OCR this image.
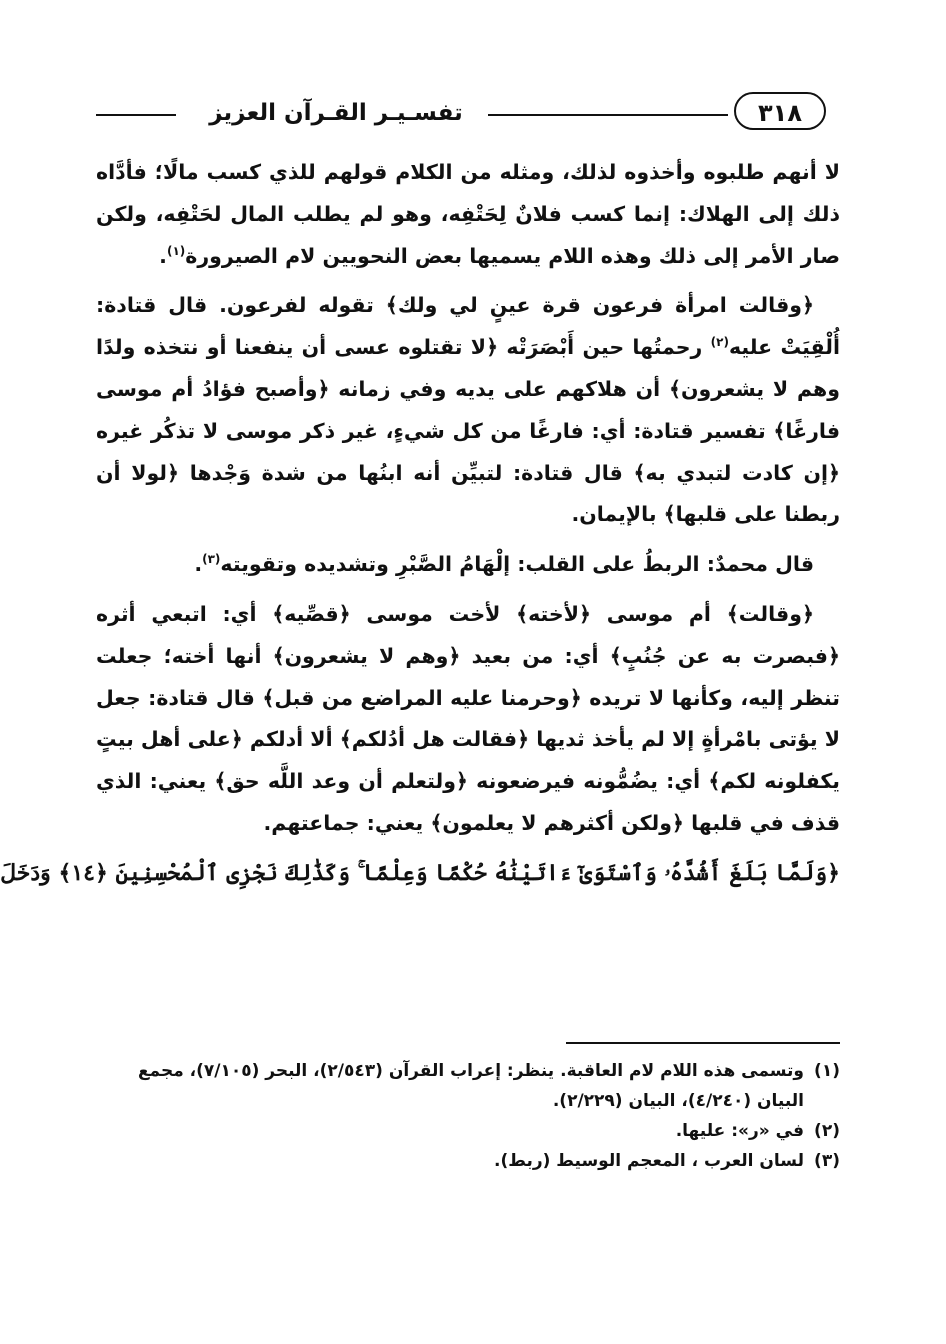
٣١٨
تفسـيـر القـرآن العزيز

لا أنهم طلبوه وأخذوه لذلك، ومثله من الكلام قولهم للذي كسب مالًا؛ فأدَّاه ذلك إلى الهلاك: إنما كسب فلانٌ لِحَتْفِه، وهو لم يطلب المال لحَتْفِه، ولكن صار الأمر إلى ذلك وهذه اللام يسميها بعض النحويين لام الصيرورة$^{(١)}$.

﴿وقالت امرأة فرعون قرة عينٍ لي ولك﴾ تقوله لفرعون. قال قتادة: أُلْقِيَتْ عليه$^{(٢)}$ رحمتُها حين أَبْصَرَتْه ﴿لا تقتلوه عسى أن ينفعنا أو نتخذه ولدًا وهم لا يشعرون﴾ أن هلاكهم على يديه وفي زمانه ﴿وأصبح فؤادُ أم موسى فارغًا﴾ تفسير قتادة: أي: فارغًا من كل شيءٍ، غير ذكر موسى لا تذكُر غيره ﴿إن كادت لتبدي به﴾ قال قتادة: لتبيِّن أنه ابنُها من شدة وَجْدها ﴿لولا أن ربطنا على قلبها﴾ بالإيمان.

قال محمدٌ: الربطُ على القلب: إلْهَامُ الصَّبْرِ وتشديده وتقويته$^{(٣)}$.

﴿وقالت﴾ أم موسى ﴿لأخته﴾ لأخت موسى ﴿قصِّيه﴾ أي: اتبعي أثره ﴿فبصرت به عن جُنُبٍ﴾ أي: من بعيد ﴿وهم لا يشعرون﴾ أنها أخته؛ جعلت تنظر إليه، وكأنها لا تريده ﴿وحرمنا عليه المراضع من قبل﴾ قال قتادة: جعل لا يؤتى بامْرأةٍ إلا لم يأخذ ثديها ﴿فقالت هل أدُلكم﴾ ألا أدلكم ﴿على أهل بيتٍ يكفلونه لكم﴾ أي: يضُمُّونه فيرضعونه ﴿ولتعلم أن وعد اللَّه حق﴾ يعني: الذي قذف في قلبها ﴿ولكن أكثرهم لا يعلمون﴾ يعني: جماعتهم.

﴿وَلَمَّا بَلَغَ أَشُدَّهُۥ وَٱسْتَوَىٰٓ ءَاتَيْنَٰهُ حُكْمًا وَعِلْمًا ۚ وَكَذَٰلِكَ نَجْزِى ٱلْمُحْسِنِينَ ﴿١٤﴾ وَدَخَلَ

(١)وتسمى هذه اللام لام العاقبة. ينظر: إعراب القرآن (٢/٥٤٣)، البحر (٧/١٠٥)، مجمع

البيان (٤/٢٤٠)، البيان (٢/٢٢٩).

(٢)في «ر»: عليها.

(٣)لسان العرب ، المعجم الوسيط (ربط).
